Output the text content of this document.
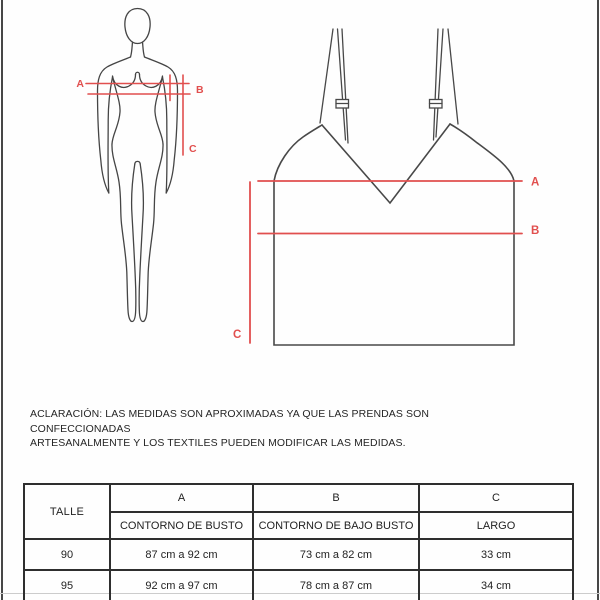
A	B
C
A
B
C
ACLARACIÓN: LAS MEDIDAS SON APROXIMADAS YA QUE LAS PRENDAS SON CONFECCIONADAS
ARTESANALMENTE Y LOS TEXTILES PUEDEN MODIFICAR LAS MEDIDAS.
TALLE	A	B	C
	CONTORNO DE BUSTO	CONTORNO DE BAJO BUSTO	LARGO
90	87 cm a 92 cm	73 cm a 82 cm	33 cm
95	92 cm a 97 cm	78 cm a 87 cm	34 cm
